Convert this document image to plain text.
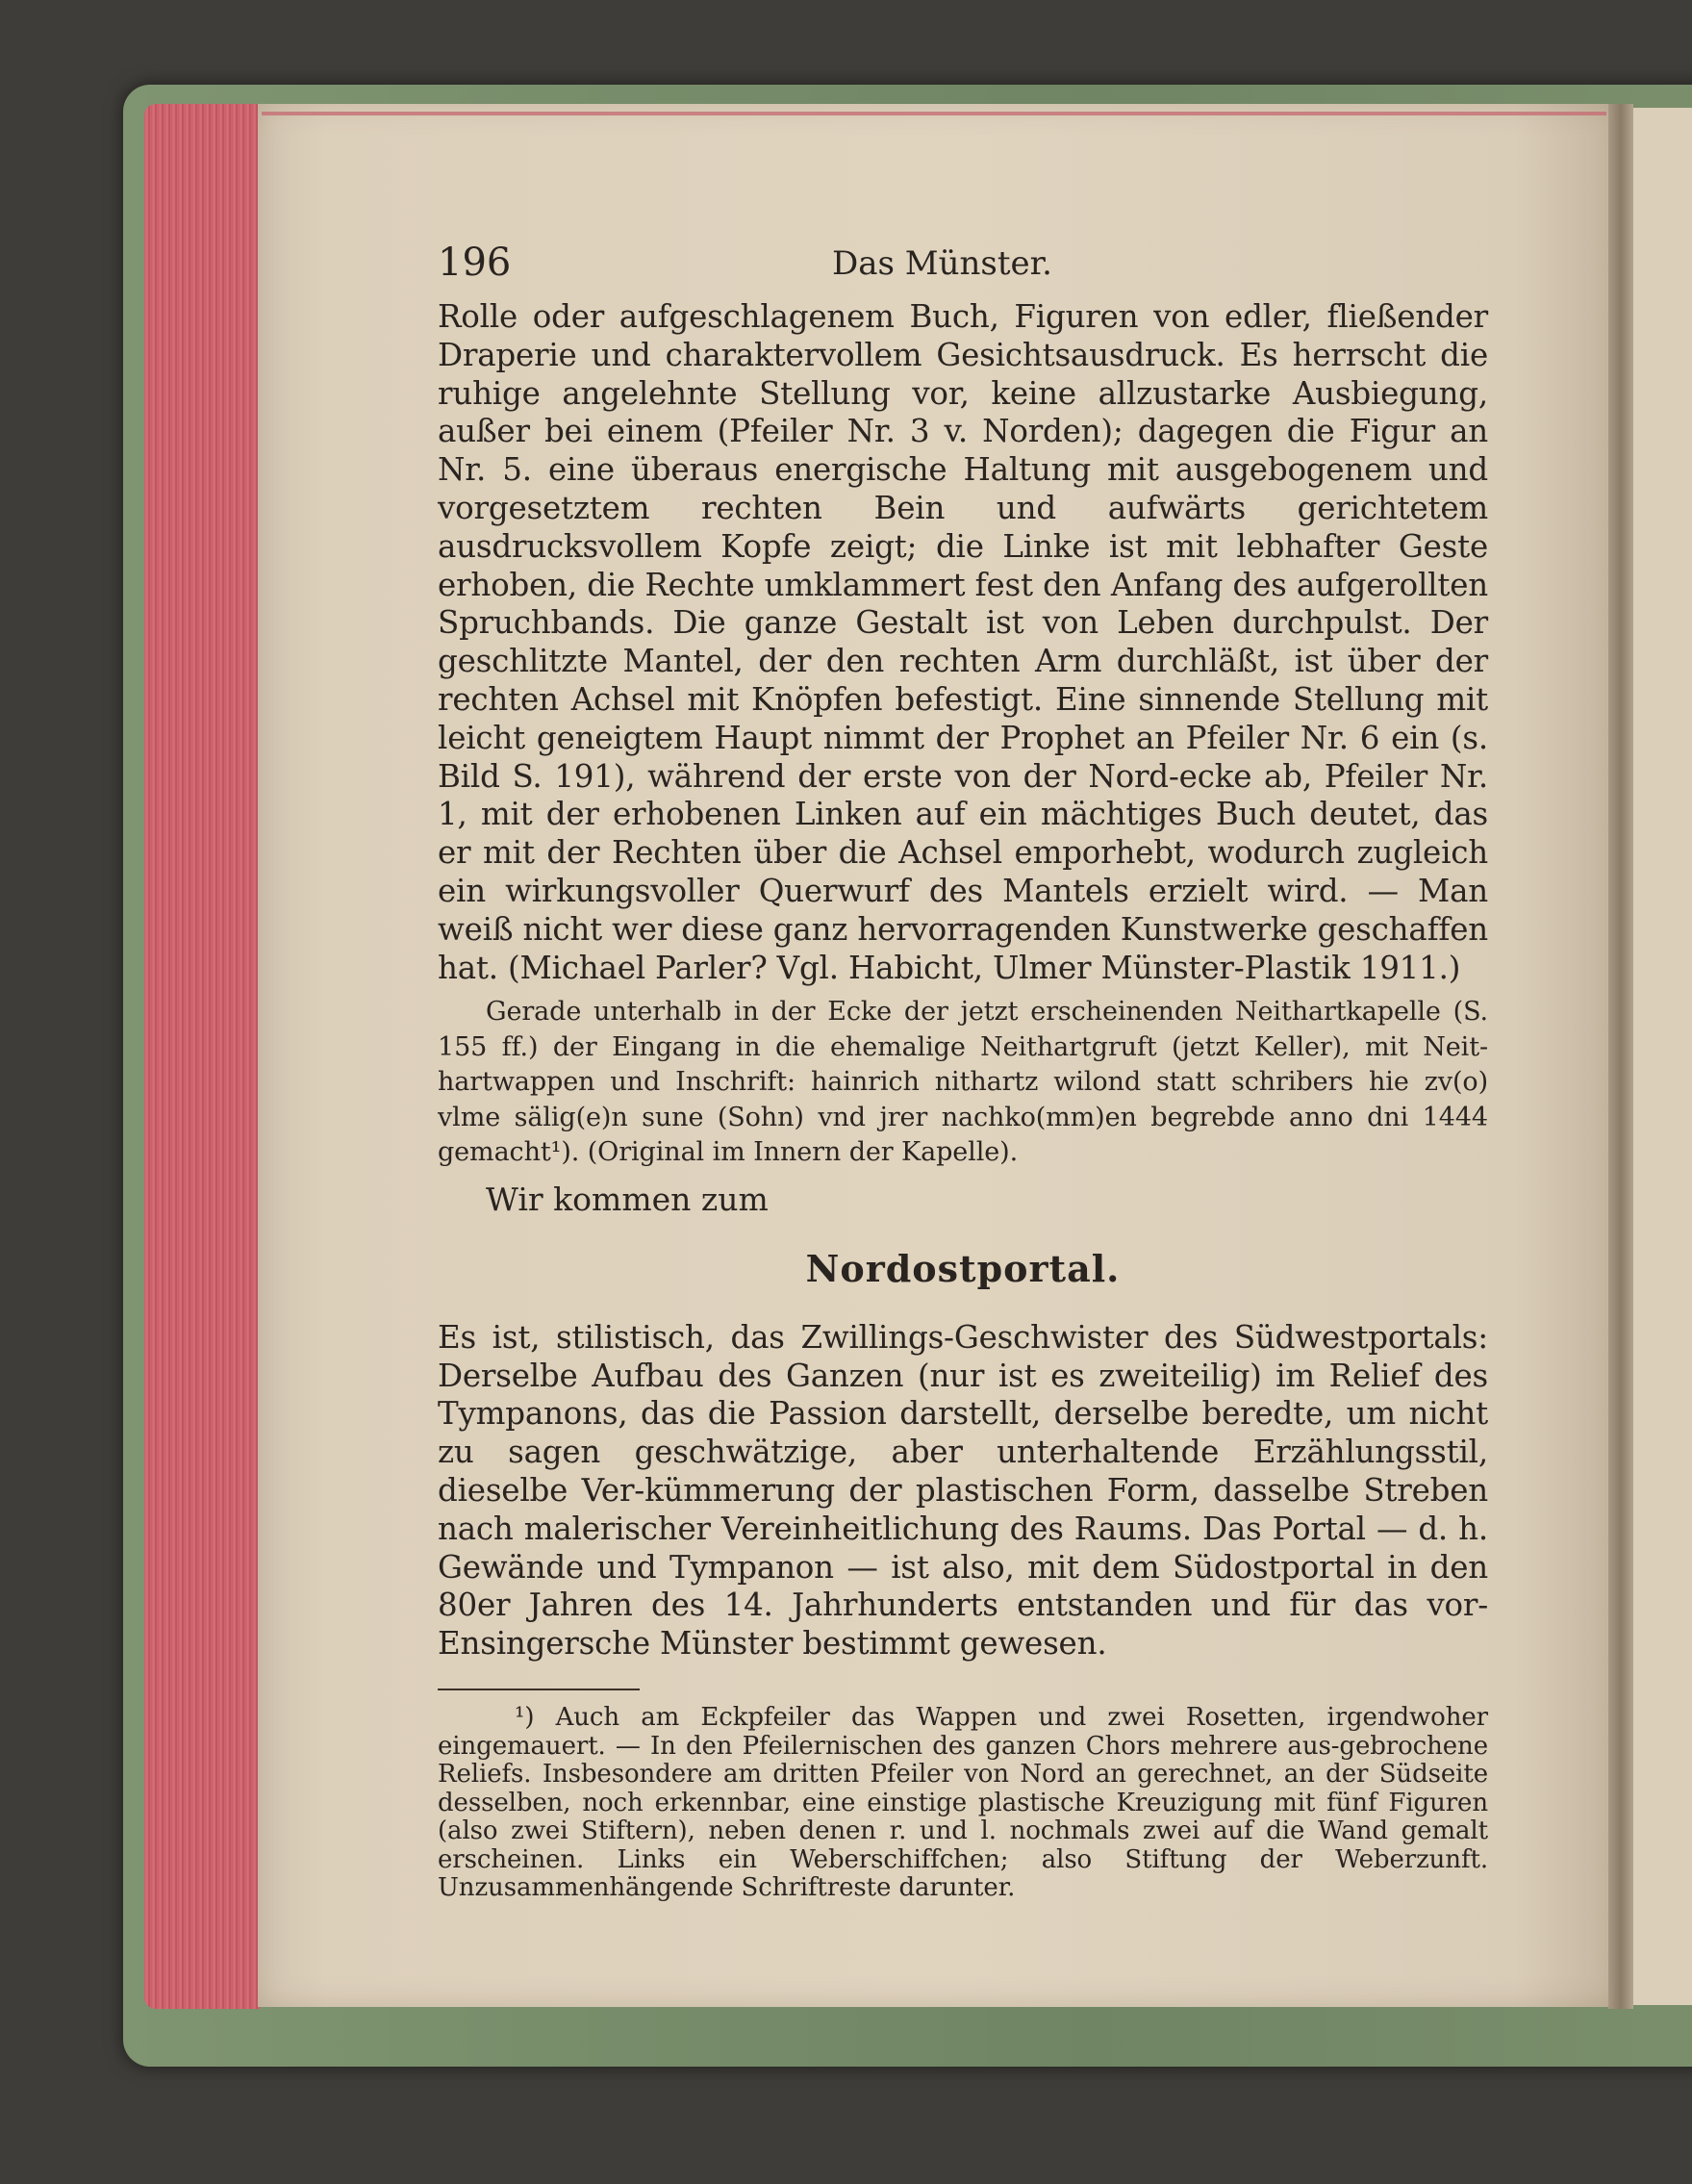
196	Das Münster.

Rolle oder aufgeschlagenem Buch, Figuren von edler, fließender Draperie und charaktervollem Gesichtsausdruck. Es herrscht die ruhige angelehnte Stellung vor, keine allzustarke Ausbiegung, außer bei einem (Pfeiler Nr. 3 v. Norden); dagegen die Figur an Nr. 5. eine überaus energische Haltung mit ausgebogenem und vorgesetztem rechten Bein und aufwärts gerichtetem ausdrucksvollem Kopfe zeigt; die Linke ist mit lebhafter Geste erhoben, die Rechte umklammert fest den Anfang des aufgerollten Spruchbands. Die ganze Gestalt ist von Leben durchpulst. Der geschlitzte Mantel, der den rechten Arm durchläßt, ist über der rechten Achsel mit Knöpfen befestigt. Eine sinnende Stellung mit leicht geneigtem Haupt nimmt der Prophet an Pfeiler Nr. 6 ein (s. Bild S. 191), während der erste von der Nord-ecke ab, Pfeiler Nr. 1, mit der erhobenen Linken auf ein mächtiges Buch deutet, das er mit der Rechten über die Achsel emporhebt, wodurch zugleich ein wirkungsvoller Querwurf des Mantels erzielt wird. — Man weiß nicht wer diese ganz hervorragenden Kunstwerke geschaffen hat. (Michael Parler? Vgl. Habicht, Ulmer Münster-Plastik 1911.)

Gerade unterhalb in der Ecke der jetzt erscheinenden Neithartkapelle (S. 155 ff.) der Eingang in die ehemalige Neithartgruft (jetzt Keller), mit Neit-hartwappen und Inschrift: hainrich nithartz wilond statt schribers hie zv(o) vlme sälig(e)n sune (Sohn) vnd jrer nachko(mm)en begrebde anno dni 1444 gemacht¹). (Original im Innern der Kapelle).

Wir kommen zum

Nordostportal.

Es ist, stilistisch, das Zwillings-Geschwister des Südwestportals: Derselbe Aufbau des Ganzen (nur ist es zweiteilig) im Relief des Tympanons, das die Passion darstellt, derselbe beredte, um nicht zu sagen geschwätzige, aber unterhaltende Erzählungsstil, dieselbe Ver-kümmerung der plastischen Form, dasselbe Streben nach malerischer Vereinheitlichung des Raums. Das Portal — d. h. Gewände und Tympanon — ist also, mit dem Südostportal in den 80er Jahren des 14. Jahrhunderts entstanden und für das vor-Ensingersche Münster bestimmt gewesen.

¹) Auch am Eckpfeiler das Wappen und zwei Rosetten, irgendwoher eingemauert. — In den Pfeilernischen des ganzen Chors mehrere aus-gebrochene Reliefs. Insbesondere am dritten Pfeiler von Nord an gerechnet, an der Südseite desselben, noch erkennbar, eine einstige plastische Kreuzigung mit fünf Figuren (also zwei Stiftern), neben denen r. und l. nochmals zwei auf die Wand gemalt erscheinen. Links ein Weberschiffchen; also Stiftung der Weberzunft. Unzusammenhängende Schriftreste darunter.
